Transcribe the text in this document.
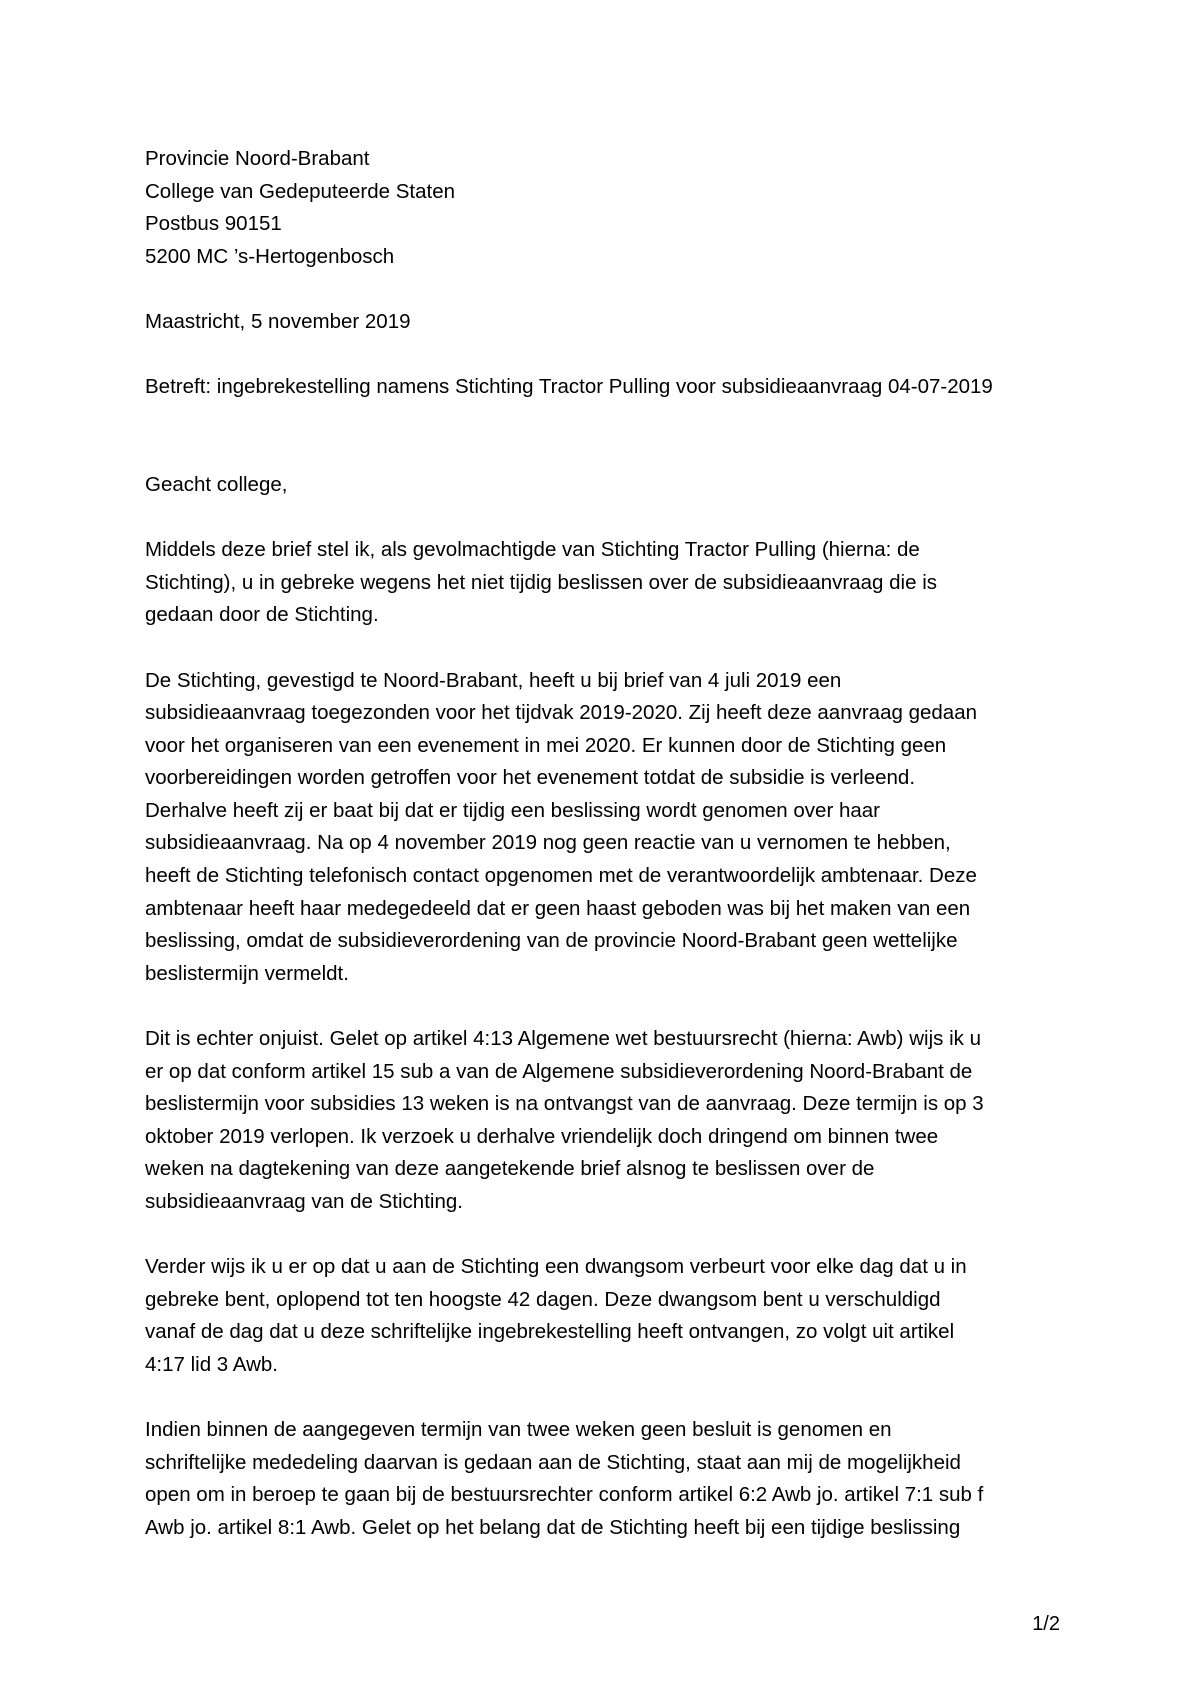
Provincie Noord-Brabant
College van Gedeputeerde Staten
Postbus 90151
5200 MC ’s-Hertogenbosch
Maastricht, 5 november 2019
Betreft: ingebrekestelling namens Stichting Tractor Pulling voor subsidieaanvraag 04-07-2019
Geacht college,
Middels deze brief stel ik, als gevolmachtigde van Stichting Tractor Pulling (hierna: de
Stichting), u in gebreke wegens het niet tijdig beslissen over de subsidieaanvraag die is
gedaan door de Stichting.
De Stichting, gevestigd te Noord-Brabant, heeft u bij brief van 4 juli 2019 een
subsidieaanvraag toegezonden voor het tijdvak 2019-2020. Zij heeft deze aanvraag gedaan
voor het organiseren van een evenement in mei 2020. Er kunnen door de Stichting geen
voorbereidingen worden getroffen voor het evenement totdat de subsidie is verleend.
Derhalve heeft zij er baat bij dat er tijdig een beslissing wordt genomen over haar
subsidieaanvraag. Na op 4 november 2019 nog geen reactie van u vernomen te hebben,
heeft de Stichting telefonisch contact opgenomen met de verantwoordelijk ambtenaar. Deze
ambtenaar heeft haar medegedeeld dat er geen haast geboden was bij het maken van een
beslissing, omdat de subsidieverordening van de provincie Noord-Brabant geen wettelijke
beslistermijn vermeldt.
Dit is echter onjuist. Gelet op artikel 4:13 Algemene wet bestuursrecht (hierna: Awb) wijs ik u
er op dat conform artikel 15 sub a van de Algemene subsidieverordening Noord-Brabant de
beslistermijn voor subsidies 13 weken is na ontvangst van de aanvraag. Deze termijn is op 3
oktober 2019 verlopen. Ik verzoek u derhalve vriendelijk doch dringend om binnen twee
weken na dagtekening van deze aangetekende brief alsnog te beslissen over de
subsidieaanvraag van de Stichting.
Verder wijs ik u er op dat u aan de Stichting een dwangsom verbeurt voor elke dag dat u in
gebreke bent, oplopend tot ten hoogste 42 dagen. Deze dwangsom bent u verschuldigd
vanaf de dag dat u deze schriftelijke ingebrekestelling heeft ontvangen, zo volgt uit artikel
4:17 lid 3 Awb.
Indien binnen de aangegeven termijn van twee weken geen besluit is genomen en
schriftelijke mededeling daarvan is gedaan aan de Stichting, staat aan mij de mogelijkheid
open om in beroep te gaan bij de bestuursrechter conform artikel 6:2 Awb jo. artikel 7:1 sub f
Awb jo. artikel 8:1 Awb. Gelet op het belang dat de Stichting heeft bij een tijdige beslissing
1/2
